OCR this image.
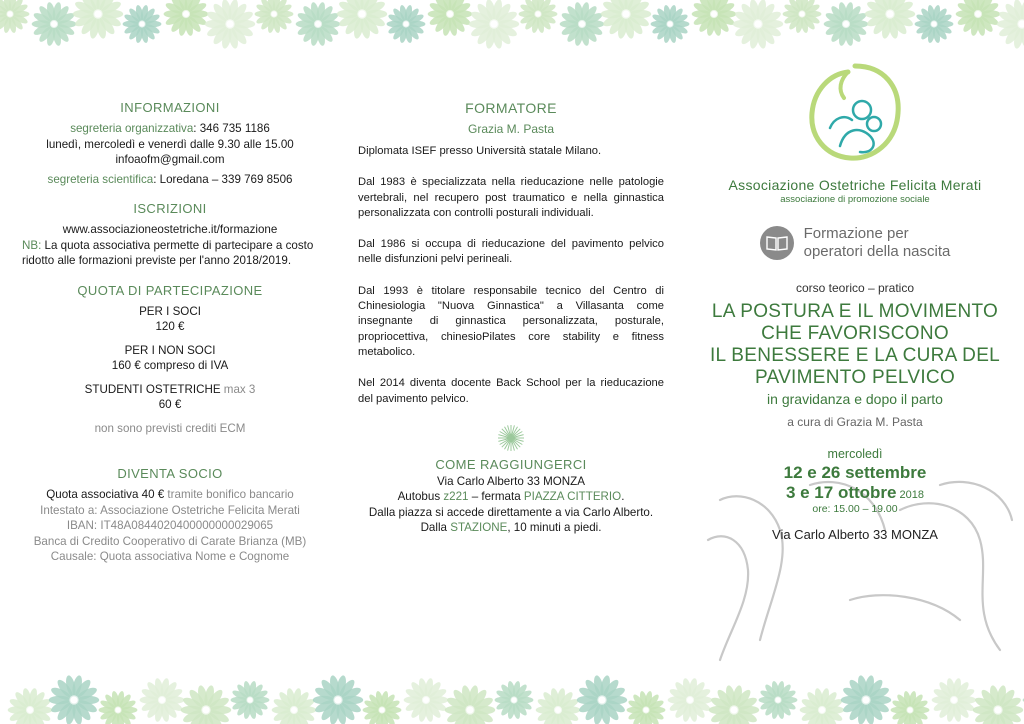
INFORMAZIONI
segreteria organizzativa: 346 735 1186
lunedì, mercoledì e venerdì dalle 9.30 alle 15.00
infoaofm@gmail.com
segreteria scientifica: Loredana – 339 769 8506
ISCRIZIONI
www.associazioneostetriche.it/formazione
NB: La quota associativa permette di partecipare a costo ridotto alle formazioni previste per l'anno 2018/2019.
QUOTA DI PARTECIPAZIONE
PER I SOCI
120 €
PER I NON SOCI
160 € compreso di IVA
STUDENTI OSTETRICHE max 3
60 €
non sono previsti crediti ECM
DIVENTA SOCIO
Quota associativa 40 € tramite bonifico bancario
Intestato a: Associazione Ostetriche Felicita Merati
IBAN: IT48A0844020400000000029065
Banca di Credito Cooperativo di Carate Brianza (MB)
Causale: Quota associativa Nome e Cognome
FORMATORE
Grazia M. Pasta

Diplomata ISEF presso Università statale Milano.

Dal 1983 è specializzata nella rieducazione nelle patologie vertebrali, nel recupero post traumatico e nella ginnastica personalizzata con controlli posturali individuali.

Dal 1986 si occupa di rieducazione del pavimento pelvico nelle disfunzioni pelvi perineali.

Dal 1993 è titolare responsabile tecnico del Centro di Chinesiologia "Nuova Ginnastica" a Villasanta come insegnante di ginnastica personalizzata, posturale, propriocettiva, chinesioPilates core stability e fitness metabolico.

Nel 2014 diventa docente Back School per la rieducazione del pavimento pelvico.

COME RAGGIUNGERCI
Via Carlo Alberto 33 MONZA
Autobus z221 – fermata PIAZZA CITTERIO.
Dalla piazza si accede direttamente a via Carlo Alberto.
Dalla STAZIONE, 10 minuti a piedi.
Associazione Ostetriche Felicita Merati
associazione di promozione sociale
Formazione per
operatori della nascita
corso teorico – pratico
LA POSTURA E IL MOVIMENTO
CHE FAVORISCONO
IL BENESSERE E LA CURA DEL
PAVIMENTO PELVICO
in gravidanza e dopo il parto
a cura di Grazia M. Pasta
mercoledì
12 e 26 settembre
3 e 17 ottobre 2018
ore: 15.00 – 19.00
Via Carlo Alberto 33 MONZA
